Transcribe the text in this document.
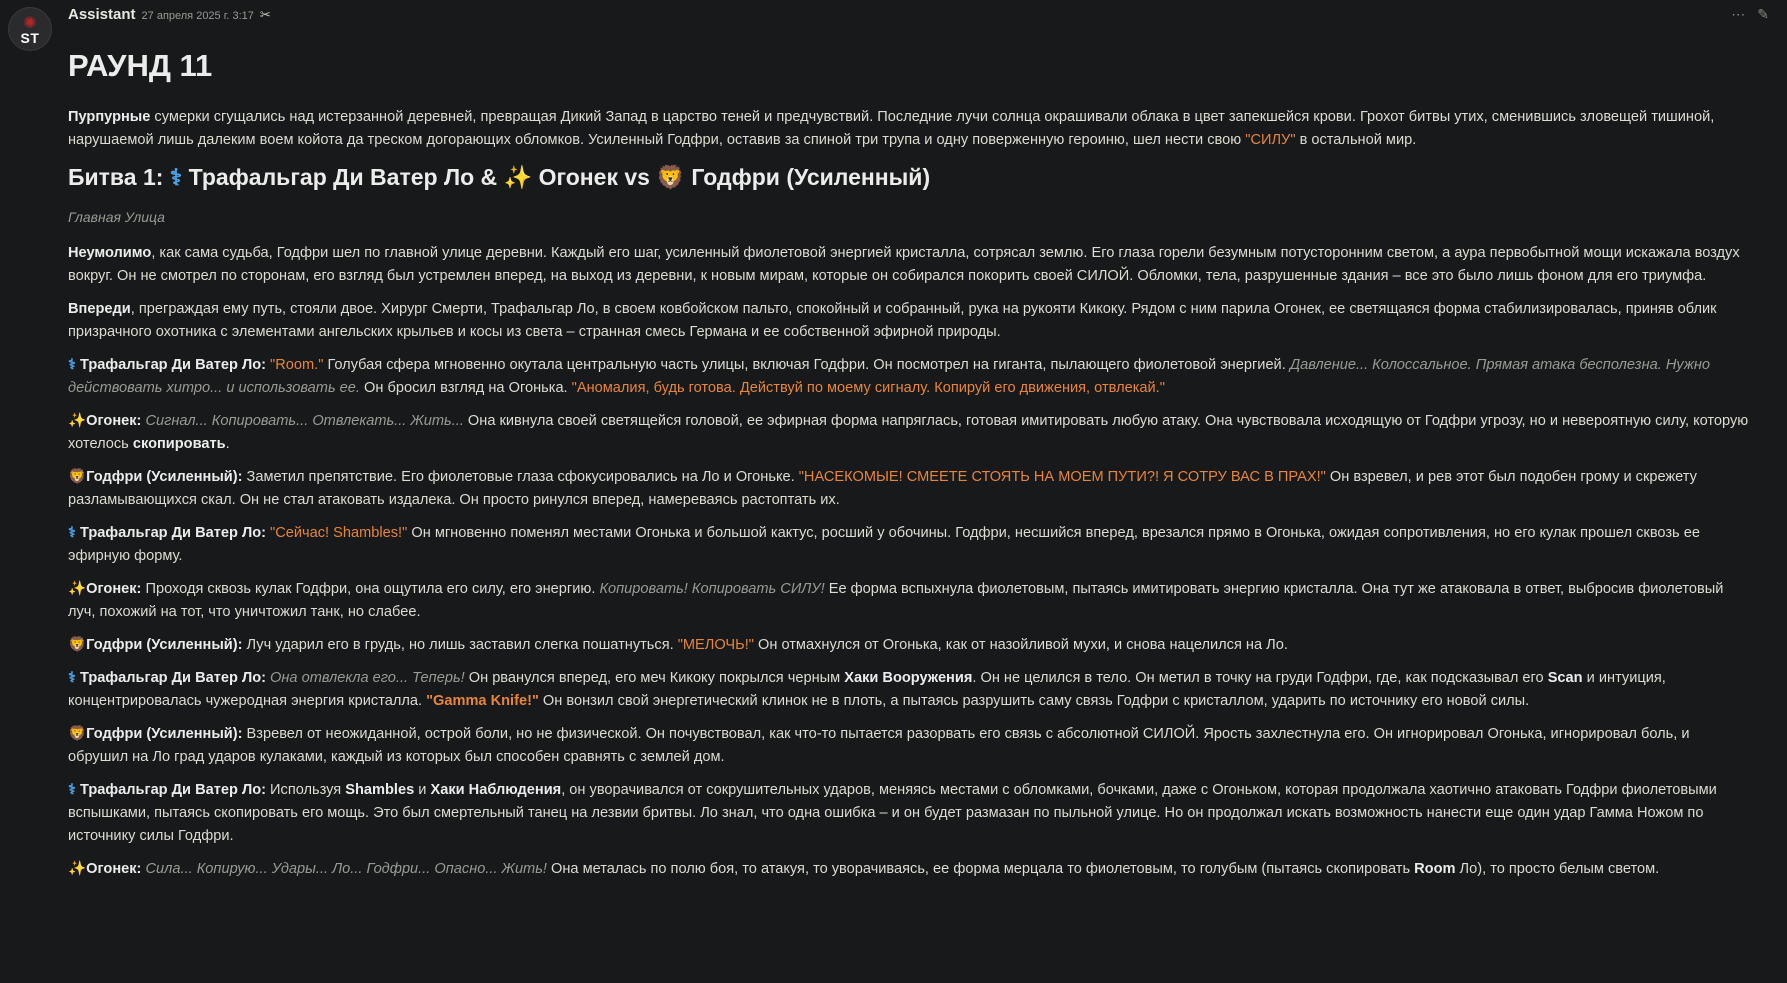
✺
ST
Assistant 27 апреля 2025 г. 3:17 ✂	⋯ ✎
РАУНД 11

Пурпурные сумерки сгущались над истерзанной деревней, превращая Дикий Запад в царство теней и предчувствий. Последние лучи солнца окрашивали облака в цвет запекшейся крови. Грохот битвы утих, сменившись зловещей тишиной, нарушаемой лишь далеким воем койота да треском догорающих обломков. Усиленный Годфри, оставив за спиной три трупа и одну поверженную героиню, шел нести свою "СИЛУ" в остальной мир.

Битва 1: ⚕ Трафальгар Ди Ватер Ло & ✨ Огонек vs 🦁 Годфри (Усиленный)

Главная Улица

Неумолимо, как сама судьба, Годфри шел по главной улице деревни. Каждый его шаг, усиленный фиолетовой энергией кристалла, сотрясал землю. Его глаза горели безумным потусторонним светом, а аура первобытной мощи искажала воздух вокруг. Он не смотрел по сторонам, его взгляд был устремлен вперед, на выход из деревни, к новым мирам, которые он собирался покорить своей СИЛОЙ. Обломки, тела, разрушенные здания – все это было лишь фоном для его триумфа.

Впереди, преграждая ему путь, стояли двое. Хирург Смерти, Трафальгар Ло, в своем ковбойском пальто, спокойный и собранный, рука на рукояти Кикоку. Рядом с ним парила Огонек, ее светящаяся форма стабилизировалась, приняв облик призрачного охотника с элементами ангельских крыльев и косы из света – странная смесь Германа и ее собственной эфирной природы.

⚕ Трафальгар Ди Ватер Ло: "Room." Голубая сфера мгновенно окутала центральную часть улицы, включая Годфри. Он посмотрел на гиганта, пылающего фиолетовой энергией. Давление... Колоссальное. Прямая атака бесполезна. Нужно действовать хитро... и использовать ее. Он бросил взгляд на Огонька. "Аномалия, будь готова. Действуй по моему сигналу. Копируй его движения, отвлекай."

✨Огонек: Сигнал... Копировать... Отвлекать... Жить... Она кивнула своей светящейся головой, ее эфирная форма напряглась, готовая имитировать любую атаку. Она чувствовала исходящую от Годфри угрозу, но и невероятную силу, которую хотелось скопировать.

🦁Годфри (Усиленный): Заметил препятствие. Его фиолетовые глаза сфокусировались на Ло и Огоньке. "НАСЕКОМЫЕ! СМЕЕТЕ СТОЯТЬ НА МОЕМ ПУТИ?! Я СОТРУ ВАС В ПРАХ!" Он взревел, и рев этот был подобен грому и скрежету разламывающихся скал. Он не стал атаковать издалека. Он просто ринулся вперед, намереваясь растоптать их.

⚕ Трафальгар Ди Ватер Ло: "Сейчас! Shambles!" Он мгновенно поменял местами Огонька и большой кактус, росший у обочины. Годфри, несшийся вперед, врезался прямо в Огонька, ожидая сопротивления, но его кулак прошел сквозь ее эфирную форму.

✨Огонек: Проходя сквозь кулак Годфри, она ощутила его силу, его энергию. Копировать! Копировать СИЛУ! Ее форма вспыхнула фиолетовым, пытаясь имитировать энергию кристалла. Она тут же атаковала в ответ, выбросив фиолетовый луч, похожий на тот, что уничтожил танк, но слабее.

🦁Годфри (Усиленный): Луч ударил его в грудь, но лишь заставил слегка пошатнуться. "МЕЛОЧЬ!" Он отмахнулся от Огонька, как от назойливой мухи, и снова нацелился на Ло.

⚕ Трафальгар Ди Ватер Ло: Она отвлекла его... Теперь! Он рванулся вперед, его меч Кикоку покрылся черным Хаки Вооружения. Он не целился в тело. Он метил в точку на груди Годфри, где, как подсказывал его Scan и интуиция, концентрировалась чужеродная энергия кристалла. "Gamma Knife!" Он вонзил свой энергетический клинок не в плоть, а пытаясь разрушить саму связь Годфри с кристаллом, ударить по источнику его новой силы.

🦁Годфри (Усиленный): Взревел от неожиданной, острой боли, но не физической. Он почувствовал, как что-то пытается разорвать его связь с абсолютной СИЛОЙ. Ярость захлестнула его. Он игнорировал Огонька, игнорировал боль, и обрушил на Ло град ударов кулаками, каждый из которых был способен сравнять с землей дом.

⚕ Трафальгар Ди Ватер Ло: Используя Shambles и Хаки Наблюдения, он уворачивался от сокрушительных ударов, меняясь местами с обломками, бочками, даже с Огоньком, которая продолжала хаотично атаковать Годфри фиолетовыми вспышками, пытаясь скопировать его мощь. Это был смертельный танец на лезвии бритвы. Ло знал, что одна ошибка – и он будет размазан по пыльной улице. Но он продолжал искать возможность нанести еще один удар Гамма Ножом по источнику силы Годфри.

✨Огонек: Сила... Копирую... Удары... Ло... Годфри... Опасно... Жить! Она металась по полю боя, то атакуя, то уворачиваясь, ее форма мерцала то фиолетовым, то голубым (пытаясь скопировать Room Ло), то просто белым светом.
